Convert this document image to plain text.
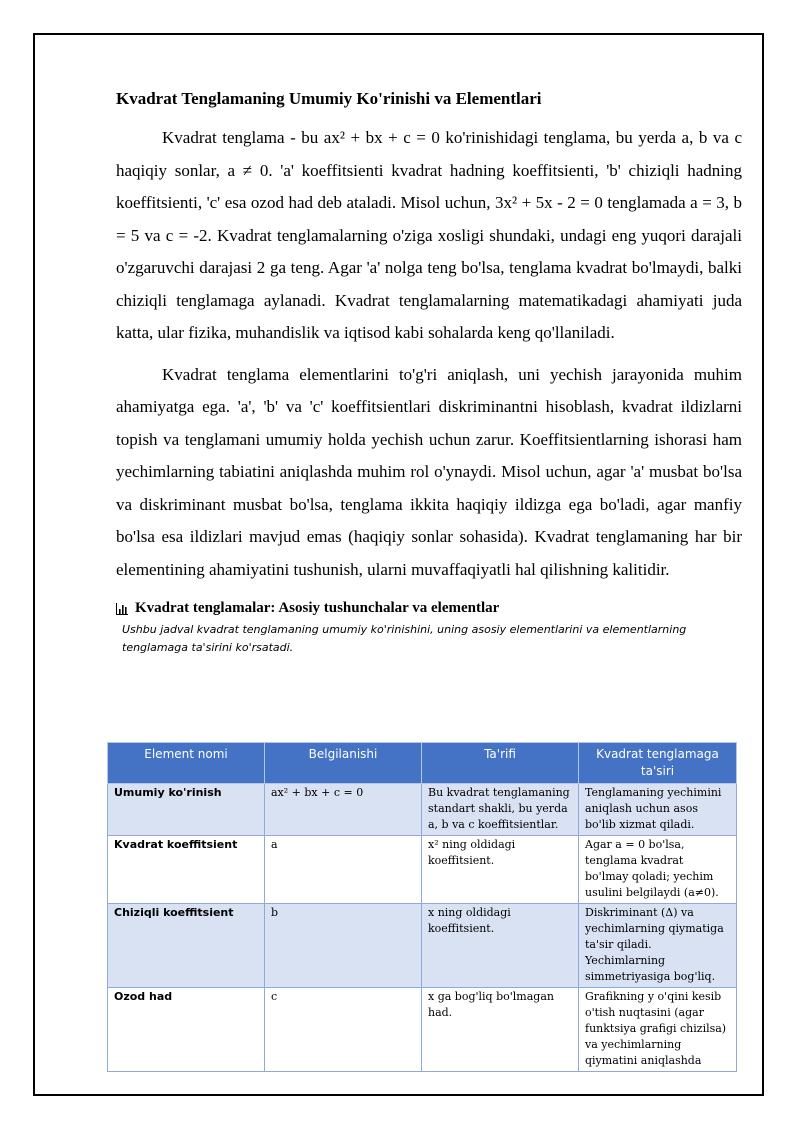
Kvadrat Tenglamaning Umumiy Ko'rinishi va Elementlari

Kvadrat tenglama - bu ax² + bx + c = 0 ko'rinishidagi tenglama, bu yerda a, b va c haqiqiy sonlar, a ≠ 0. 'a' koeffitsienti kvadrat hadning koeffitsienti, 'b' chiziqli hadning koeffitsienti, 'c' esa ozod had deb ataladi. Misol uchun, 3x² + 5x - 2 = 0 tenglamada a = 3, b = 5 va c = -2. Kvadrat tenglamalarning o'ziga xosligi shundaki, undagi eng yuqori darajali o'zgaruvchi darajasi 2 ga teng. Agar 'a' nolga teng bo'lsa, tenglama kvadrat bo'lmaydi, balki chiziqli tenglamaga aylanadi. Kvadrat tenglamalarning matematikadagi ahamiyati juda katta, ular fizika, muhandislik va iqtisod kabi sohalarda keng qo'llaniladi.

Kvadrat tenglama elementlarini to'g'ri aniqlash, uni yechish jarayonida muhim ahamiyatga ega. 'a', 'b' va 'c' koeffitsientlari diskriminantni hisoblash, kvadrat ildizlarni topish va tenglamani umumiy holda yechish uchun zarur. Koeffitsientlarning ishorasi ham yechimlarning tabiatini aniqlashda muhim rol o'ynaydi. Misol uchun, agar 'a' musbat bo'lsa va diskriminant musbat bo'lsa, tenglama ikkita haqiqiy ildizga ega bo'ladi, agar manfiy bo'lsa esa ildizlari mavjud emas (haqiqiy sonlar sohasida). Kvadrat tenglamaning har bir elementining ahamiyatini tushunish, ularni muvaffaqiyatli hal qilishning kalitidir.

Kvadrat tenglamalar: Asosiy tushunchalar va elementlar
Ushbu jadval kvadrat tenglamaning umumiy ko'rinishini, uning asosiy elementlarini va elementlarning tenglamaga ta'sirini ko'rsatadi.
Element nomi	Belgilanishi	Ta'rifi	Kvadrat tenglamaga ta'siri
Umumiy ko'rinish	ax² + bx + c = 0	Bu kvadrat tenglamaning standart shakli, bu yerda a, b va c koeffitsientlar.	Tenglamaning yechimini aniqlash uchun asos bo'lib xizmat qiladi.
Kvadrat koeffitsient	a	x² ning oldidagi koeffitsient.	Agar a = 0 bo'lsa, tenglama kvadrat bo'lmay qoladi; yechim usulini belgilaydi (a≠0).
Chiziqli koeffitsient	b	x ning oldidagi koeffitsient.	Diskriminant (Δ) va yechimlarning qiymatiga ta'sir qiladi. Yechimlarning simmetriyasiga bog'liq.
Ozod had	c	x ga bog'liq bo'lmagan had.	Grafikning y o'qini kesib o'tish nuqtasini (agar funktsiya grafigi chizilsa) va yechimlarning qiymatini aniqlashda
